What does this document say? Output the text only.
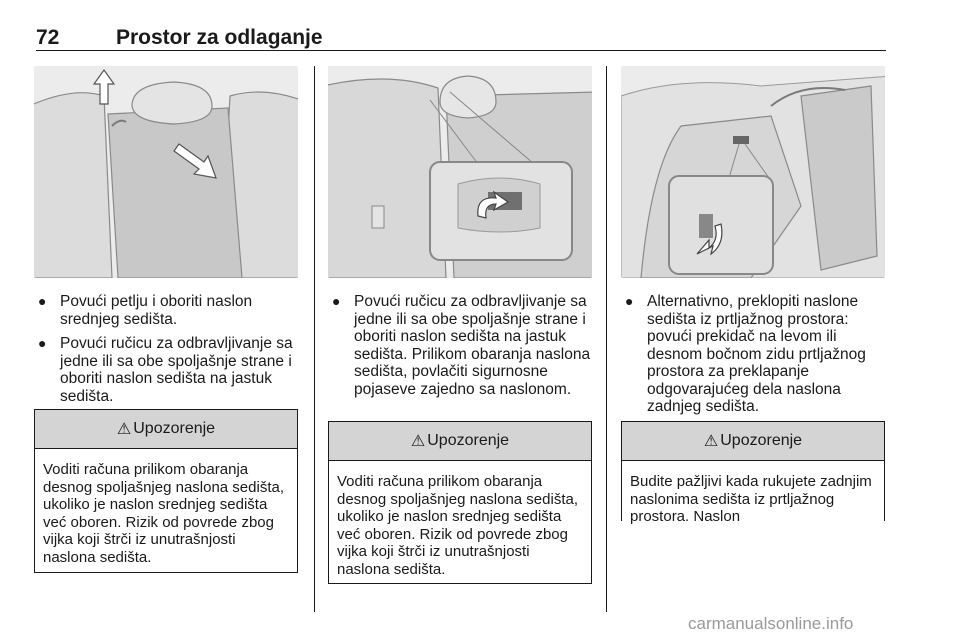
72	Prostor za odlaganje
● Povući petlju i oboriti naslon srednjeg sedišta.
● Povući ručicu za odbravljivanje sa jedne ili sa obe spoljašnje strane i oboriti naslon sedišta na jastuk sedišta.
⚠ Upozorenje
Voditi računa prilikom obaranja desnog spoljašnjeg naslona sedišta, ukoliko je naslon srednjeg sedišta već oboren. Rizik od povrede zbog vijka koji štrči iz unutrašnjosti naslona sedišta.
● Povući ručicu za odbravljivanje sa jedne ili sa obe spoljašnje strane i oboriti naslon sedišta na jastuk sedišta. Prilikom obaranja naslona sedišta, povlačiti sigurnosne pojaseve zajedno sa naslonom.
⚠ Upozorenje
Voditi računa prilikom obaranja desnog spoljašnjeg naslona sedišta, ukoliko je naslon srednjeg sedišta već oboren. Rizik od povrede zbog vijka koji štrči iz unutrašnjosti naslona sedišta.
● Alternativno, preklopiti naslone sedišta iz prtljažnog prostora: povući prekidač na levom ili desnom bočnom zidu prtljažnog prostora za preklapanje odgovarajućeg dela naslona zadnjeg sedišta.
⚠ Upozorenje
Budite pažljivi kada rukujete zadnjim naslonima sedišta iz prtljažnog prostora. Naslon
carmanualsonline.info
